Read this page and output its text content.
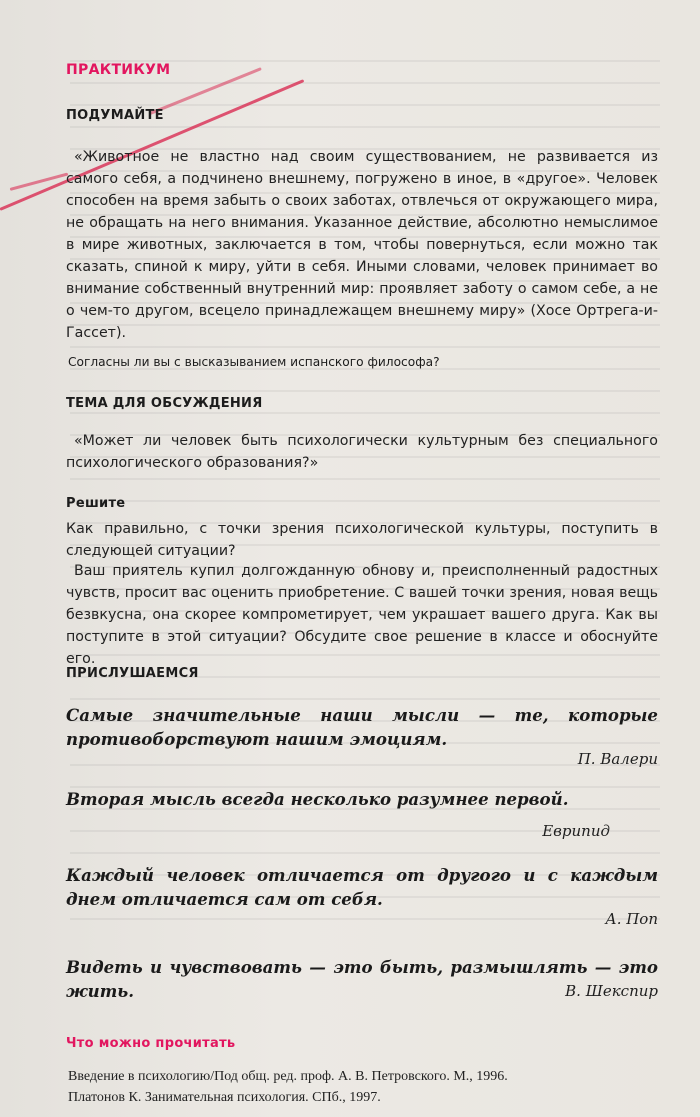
ПРАКТИКУМ
ПОДУМАЙТЕ

«Животное не властно над своим существованием, не развивается из самого себя, а подчинено внешнему, погружено в иное, в «другое». Человек способен на время забыть о своих заботах, отвлечься от окружающего мира, не обращать на него внимания. Указанное действие, абсолютно немыслимое в мире животных, заключается в том, чтобы повернуться, если можно так сказать, спиной к миру, уйти в себя. Иными словами, человек принимает во внимание собственный внутренний мир: проявляет заботу о самом себе, а не о чем-то другом, всецело принадлежащем внешнему миру» (Хосе Ортрега-и-Гассет).

Согласны ли вы с высказыванием испанского философа?

ТЕМА ДЛЯ ОБСУЖДЕНИЯ

«Может ли человек быть психологически культурным без специального психологического образования?»

Решите

Как правильно, с точки зрения психологической культуры, поступить в следующей ситуации?

Ваш приятель купил долгожданную обнову и, преисполненный радостных чувств, просит вас оценить приобретение. С вашей точки зрения, новая вещь безвкусна, она скорее компрометирует, чем украшает вашего друга. Как вы поступите в этой ситуации? Обсудите свое решение в классе и обоснуйте его.

ПРИСЛУШАЕМСЯ

Самые значительные наши мысли — те, которые противоборствуют нашим эмоциям.

П. Валери

Вторая мысль всегда несколько разумнее первой.

Еврипид

Каждый человек отличается от другого и с каждым днем отличается сам от себя.

А. Поп

Видеть и чувствовать — это быть, размышлять — это жить.	В. Шекспир

Что можно прочитать

Введение в психологию/Под общ. ред. проф. А. В. Петровского. М., 1996.

Платонов К. Занимательная психология. СПб., 1997.
